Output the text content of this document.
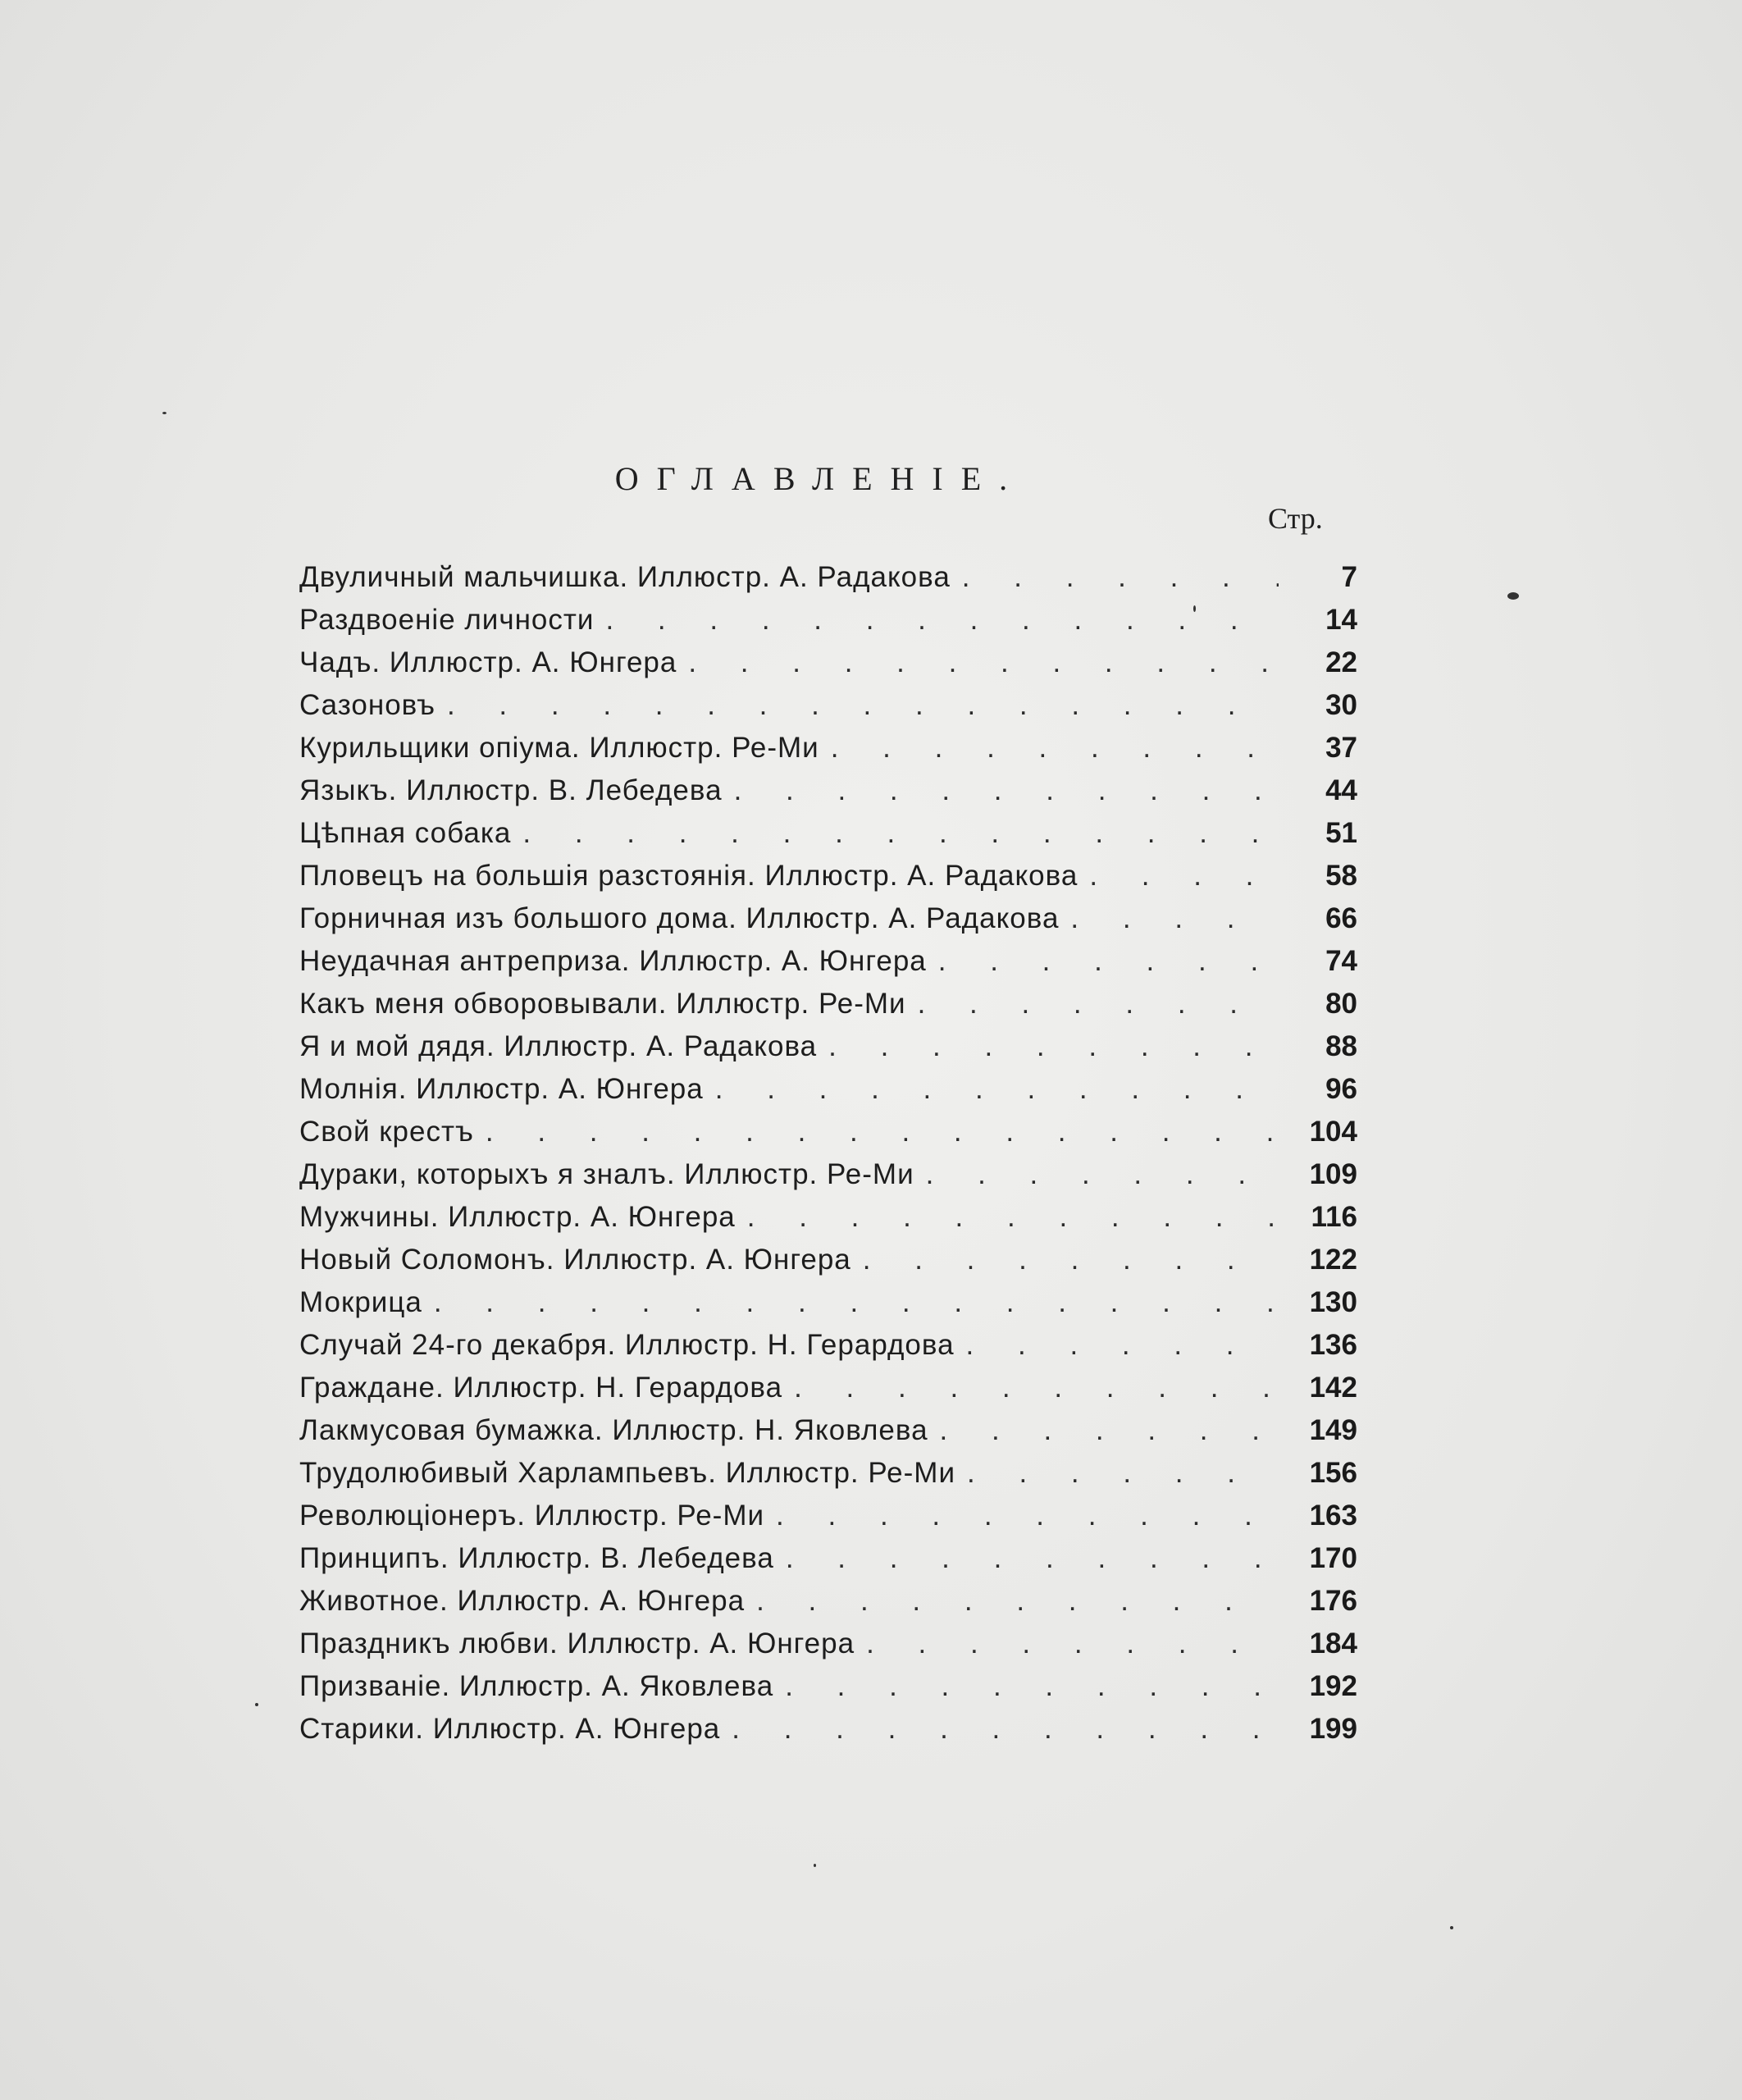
ОГЛАВЛЕНІЕ.
Стр.
Двуличный мальчишка. Иллюстр. А. Радакова . . .	7
Раздвоеніе личности . . .	14
Чадъ. Иллюстр. А. Юнгера . . .	22
Сазоновъ . . .	30
Курильщики опіума. Иллюстр. Ре-Ми . . .	37
Языкъ. Иллюстр. В. Лебедева . . .	44
Цѣпная собака . . .	51
Пловецъ на большія разстоянія. Иллюстр. А. Радакова . . .	58
Горничная изъ большого дома. Иллюстр. А. Радакова . . .	66
Неудачная антреприза. Иллюстр. А. Юнгера . . .	74
Какъ меня обворовывали. Иллюстр. Ре-Ми . . .	80
Я и мой дядя. Иллюстр. А. Радакова . . .	88
Молнія. Иллюстр. А. Юнгера . . .	96
Свой крестъ . . .	104
Дураки, которыхъ я зналъ. Иллюстр. Ре-Ми . . .	109
Мужчины. Иллюстр. А. Юнгера . . .	116
Новый Соломонъ. Иллюстр. А. Юнгера . . .	122
Мокрица . . .	130
Случай 24-го декабря. Иллюстр. Н. Герардова . . .	136
Граждане. Иллюстр. Н. Герардова . . .	142
Лакмусовая бумажка. Иллюстр. Н. Яковлева . . .	149
Трудолюбивый Харлампьевъ. Иллюстр. Ре-Ми . . .	156
Революціонеръ. Иллюстр. Ре-Ми . . .	163
Принципъ. Иллюстр. В. Лебедева . . .	170
Животное. Иллюстр. А. Юнгера . . .	176
Праздникъ любви. Иллюстр. А. Юнгера . . .	184
Призваніе. Иллюстр. А. Яковлева . . .	192
Старики. Иллюстр. А. Юнгера . . .	199
